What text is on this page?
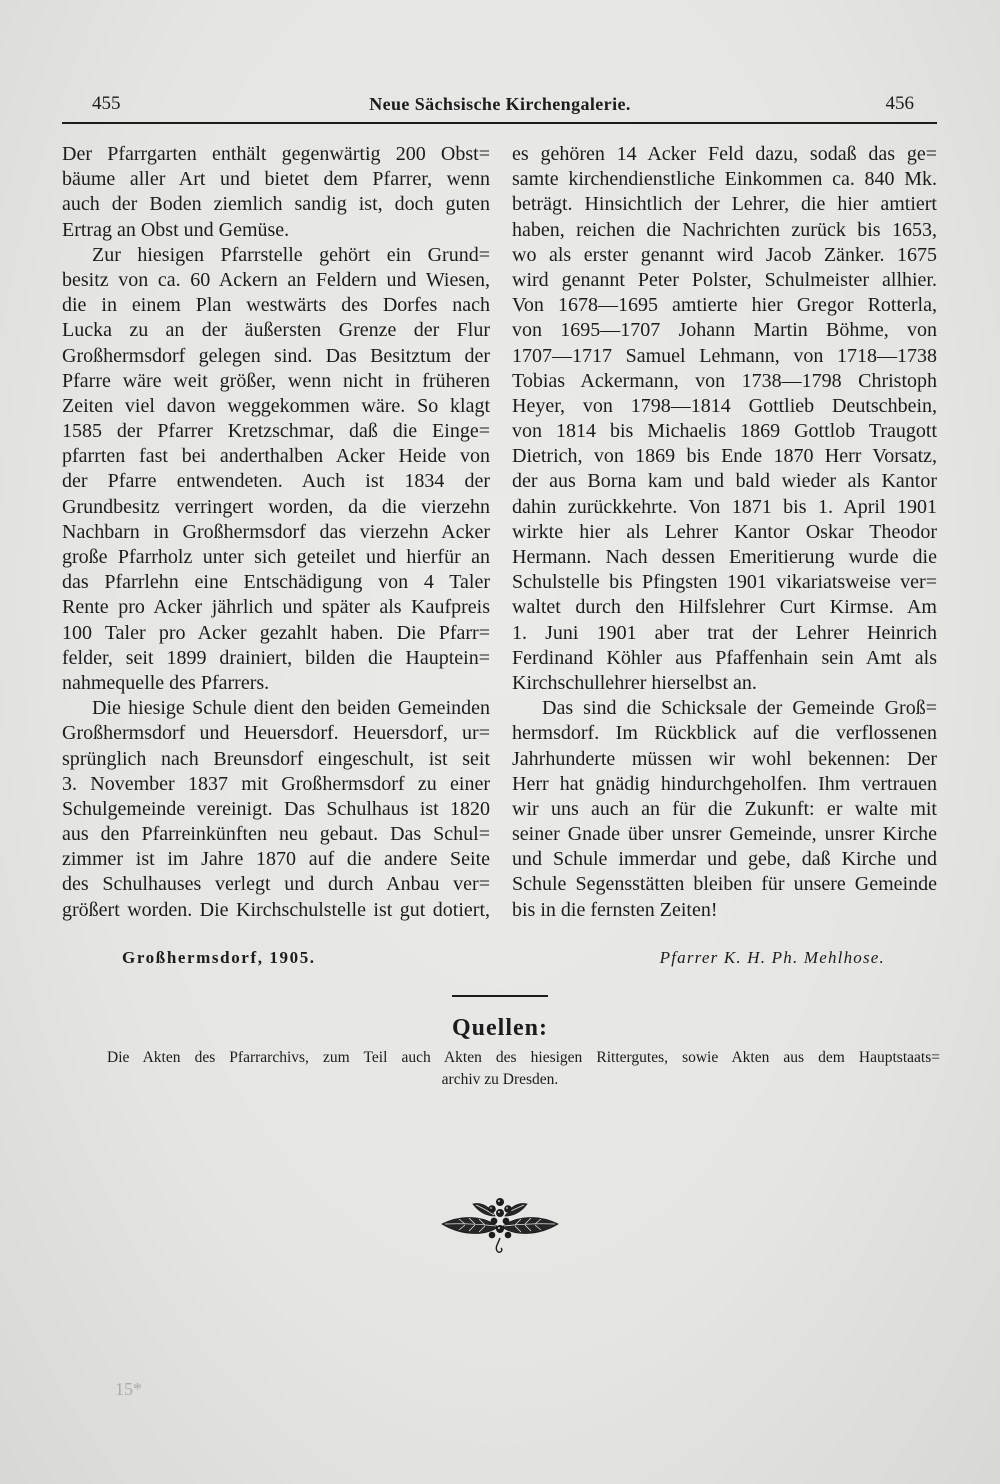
455	Neue Sächsische Kirchengalerie.	456
Der Pfarrgarten enthält gegenwärtig 200 Obst=
bäume aller Art und bietet dem Pfarrer, wenn
auch der Boden ziemlich sandig ist, doch guten
Ertrag an Obst und Gemüse.
Zur hiesigen Pfarrstelle gehört ein Grund=
besitz von ca. 60 Ackern an Feldern und Wiesen,
die in einem Plan westwärts des Dorfes nach
Lucka zu an der äußersten Grenze der Flur
Großhermsdorf gelegen sind. Das Besitztum der
Pfarre wäre weit größer, wenn nicht in früheren
Zeiten viel davon weggekommen wäre. So klagt
1585 der Pfarrer Kretzschmar, daß die Einge=
pfarrten fast bei anderthalben Acker Heide von
der Pfarre entwendeten. Auch ist 1834 der
Grundbesitz verringert worden, da die vierzehn
Nachbarn in Großhermsdorf das vierzehn Acker
große Pfarrholz unter sich geteilet und hierfür an
das Pfarrlehn eine Entschädigung von 4 Taler
Rente pro Acker jährlich und später als Kaufpreis
100 Taler pro Acker gezahlt haben. Die Pfarr=
felder, seit 1899 drainiert, bilden die Hauptein=
nahmequelle des Pfarrers.
Die hiesige Schule dient den beiden Gemeinden
Großhermsdorf und Heuersdorf. Heuersdorf, ur=
sprünglich nach Breunsdorf eingeschult, ist seit
3. November 1837 mit Großhermsdorf zu einer
Schulgemeinde vereinigt. Das Schulhaus ist 1820
aus den Pfarreinkünften neu gebaut. Das Schul=
zimmer ist im Jahre 1870 auf die andere Seite
des Schulhauses verlegt und durch Anbau ver=
größert worden. Die Kirchschulstelle ist gut dotiert,
es gehören 14 Acker Feld dazu, sodaß das ge=
samte kirchendienstliche Einkommen ca. 840 Mk.
beträgt. Hinsichtlich der Lehrer, die hier amtiert
haben, reichen die Nachrichten zurück bis 1653,
wo als erster genannt wird Jacob Zänker. 1675
wird genannt Peter Polster, Schulmeister allhier.
Von 1678—1695 amtierte hier Gregor Rotterla,
von 1695—1707 Johann Martin Böhme, von
1707—1717 Samuel Lehmann, von 1718—1738
Tobias Ackermann, von 1738—1798 Christoph
Heyer, von 1798—1814 Gottlieb Deutschbein,
von 1814 bis Michaelis 1869 Gottlob Traugott
Dietrich, von 1869 bis Ende 1870 Herr Vorsatz,
der aus Borna kam und bald wieder als Kantor
dahin zurückkehrte. Von 1871 bis 1. April 1901
wirkte hier als Lehrer Kantor Oskar Theodor
Hermann. Nach dessen Emeritierung wurde die
Schulstelle bis Pfingsten 1901 vikariatsweise ver=
waltet durch den Hilfslehrer Curt Kirmse. Am
1. Juni 1901 aber trat der Lehrer Heinrich
Ferdinand Köhler aus Pfaffenhain sein Amt als
Kirchschullehrer hierselbst an.
Das sind die Schicksale der Gemeinde Groß=
hermsdorf. Im Rückblick auf die verflossenen
Jahrhunderte müssen wir wohl bekennen: Der
Herr hat gnädig hindurchgeholfen. Ihm vertrauen
wir uns auch an für die Zukunft: er walte mit
seiner Gnade über unsrer Gemeinde, unsrer Kirche
und Schule immerdar und gebe, daß Kirche und
Schule Segensstätten bleiben für unsere Gemeinde
bis in die fernsten Zeiten!
Großhermsdorf, 1905.	Pfarrer K. H. Ph. Mehlhose.
Quellen:
Die Akten des Pfarrarchivs, zum Teil auch Akten des hiesigen Rittergutes, sowie Akten aus dem Hauptstaats=
archiv zu Dresden.
15*
